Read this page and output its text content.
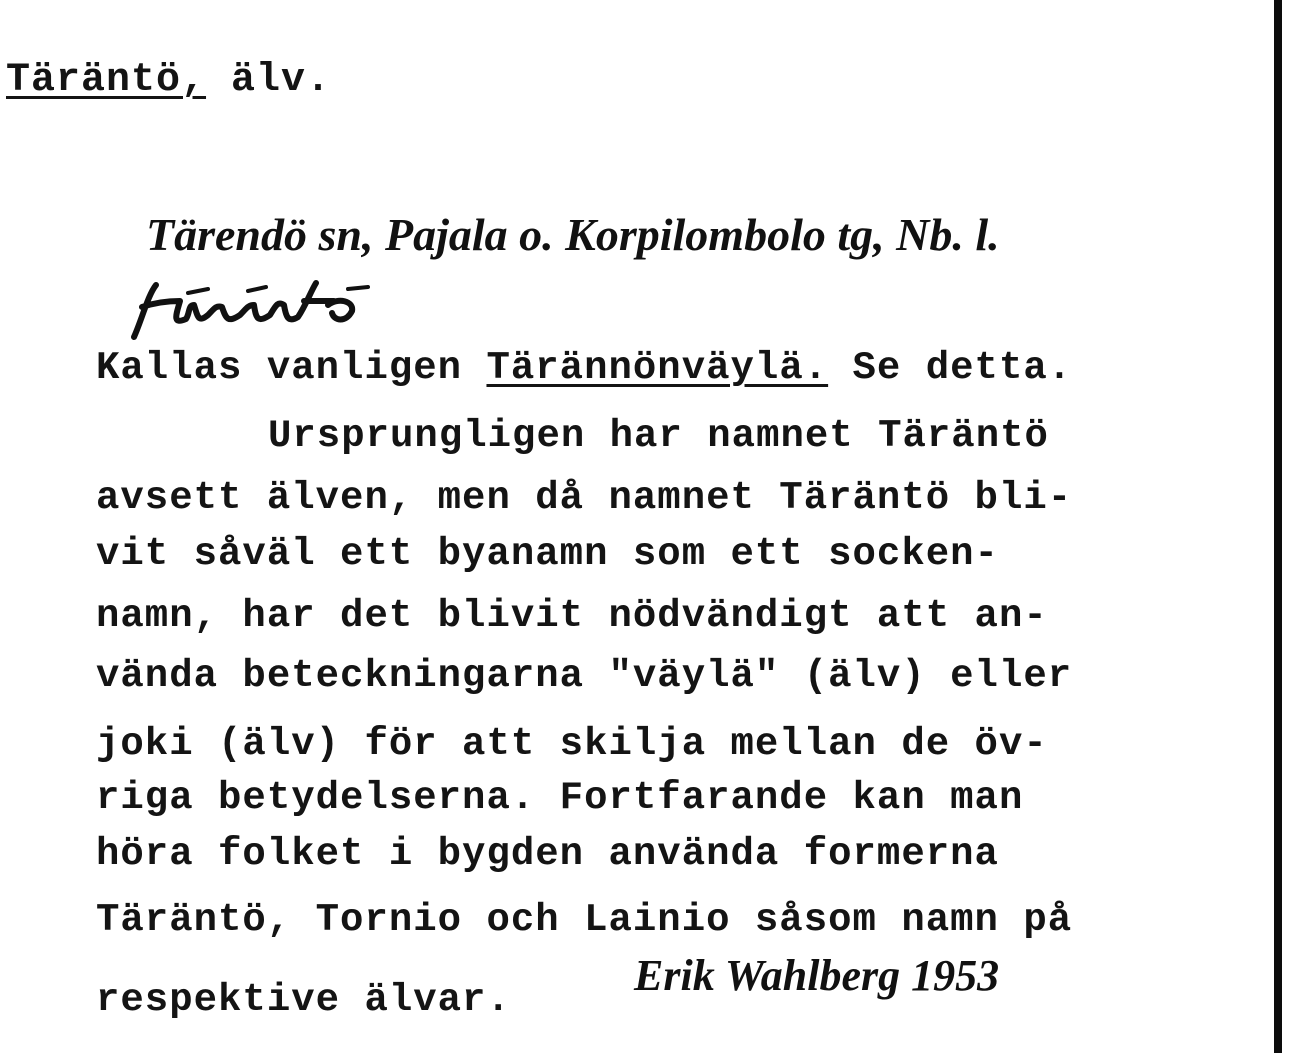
Täräntö, älv.
Tärendö sn, Pajala o. Korpilombolo tg, Nb. l.
Kallas vanligen Tärännönväylä. Se detta.
Ursprungligen har namnet Täräntö
avsett älven, men då namnet Täräntö bli-
vit såväl ett byanamn som ett socken-
namn, har det blivit nödvändigt att an-
vända beteckningarna "väylä" (älv) eller
joki (älv) för att skilja mellan de öv-
riga betydelserna. Fortfarande kan man
höra folket i bygden använda formerna
Täräntö, Tornio och Lainio såsom namn på
respektive älvar.	Erik Wahlberg 1953
